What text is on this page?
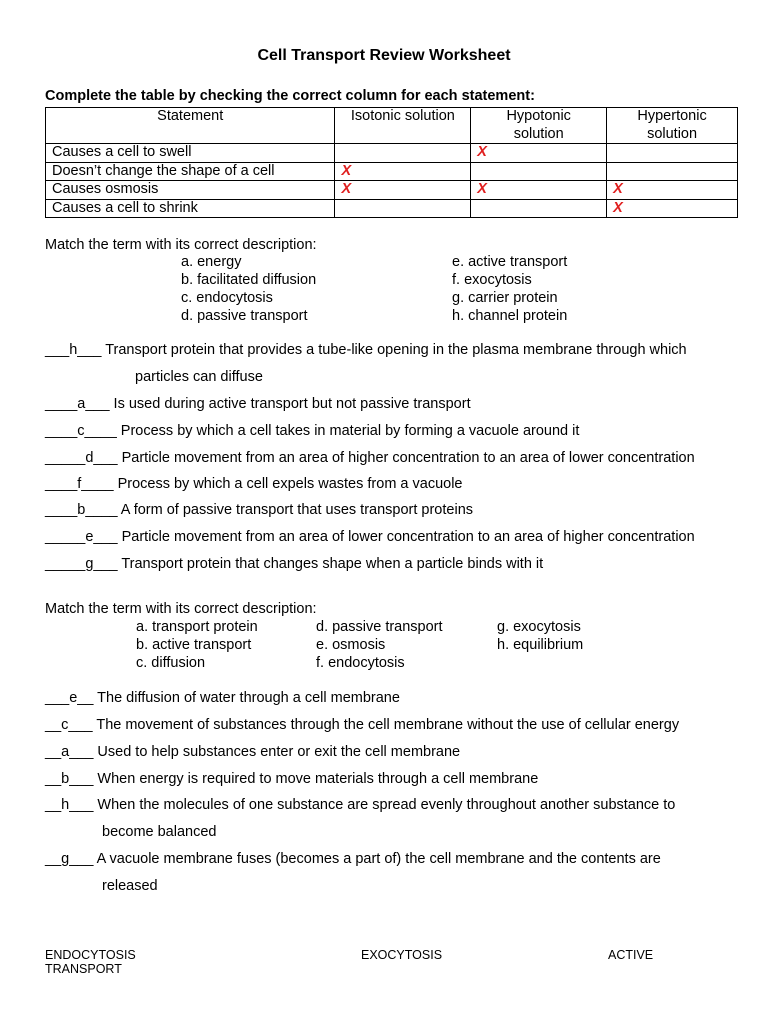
Cell Transport Review Worksheet
Complete the table by checking the correct column for each statement:
Statement	Isotonic solution	Hypotonic
solution	Hypertonic
solution
Causes a cell to swell		X	
Doesn’t change the shape of a cell	X		
Causes osmosis	X	X	X
Causes a cell to shrink			X
Match the term with its correct description:
a. energy
b. facilitated diffusion
c. endocytosis
d. passive transport
e. active transport
f. exocytosis
g. carrier protein
h. channel protein
___h___ Transport protein that provides a tube-like opening in the plasma membrane through which
particles can diffuse
____a___ Is used during active transport but not passive transport
____c____ Process by which a cell takes in material by forming a vacuole around it
_____d___ Particle movement from an area of higher concentration to an area of lower concentration
____f____ Process by which a cell expels wastes from a vacuole
____b____ A form of passive transport that uses transport proteins
_____e___ Particle movement from an area of lower concentration to an area of higher concentration
_____g___ Transport protein that changes shape when a particle binds with it
Match the term with its correct description:
a. transport protein
b. active transport
c. diffusion
d. passive transport
e. osmosis
f. endocytosis
g. exocytosis
h. equilibrium
___e__ The diffusion of water through a cell membrane
__c___ The movement of substances through the cell membrane without the use of cellular energy
__a___ Used to help substances enter or exit the cell membrane
__b___ When energy is required to move materials through a cell membrane
__h___ When the molecules of one substance are spread evenly throughout another substance to
become balanced
__g___ A vacuole membrane fuses (becomes a part of) the cell membrane and the contents are
released
ENDOCYTOSIS
TRANSPORT
EXOCYTOSIS	ACTIVE
